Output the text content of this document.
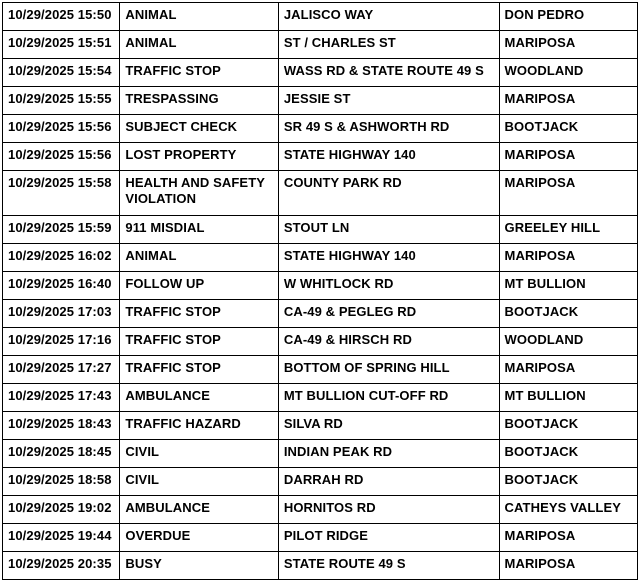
10/29/2025 15:50	ANIMAL	JALISCO WAY	DON PEDRO
10/29/2025 15:51	ANIMAL	ST / CHARLES ST	MARIPOSA
10/29/2025 15:54	TRAFFIC STOP	WASS RD & STATE ROUTE 49 S	WOODLAND
10/29/2025 15:55	TRESPASSING	JESSIE ST	MARIPOSA
10/29/2025 15:56	SUBJECT CHECK	SR 49 S & ASHWORTH RD	BOOTJACK
10/29/2025 15:56	LOST PROPERTY	STATE HIGHWAY 140	MARIPOSA
10/29/2025 15:58	HEALTH AND SAFETY VIOLATION	COUNTY PARK RD	MARIPOSA
10/29/2025 15:59	911 MISDIAL	STOUT LN	GREELEY HILL
10/29/2025 16:02	ANIMAL	STATE HIGHWAY 140	MARIPOSA
10/29/2025 16:40	FOLLOW UP	W WHITLOCK RD	MT BULLION
10/29/2025 17:03	TRAFFIC STOP	CA-49 & PEGLEG RD	BOOTJACK
10/29/2025 17:16	TRAFFIC STOP	CA-49 & HIRSCH RD	WOODLAND
10/29/2025 17:27	TRAFFIC STOP	BOTTOM OF SPRING HILL	MARIPOSA
10/29/2025 17:43	AMBULANCE	MT BULLION CUT-OFF RD	MT BULLION
10/29/2025 18:43	TRAFFIC HAZARD	SILVA RD	BOOTJACK
10/29/2025 18:45	CIVIL	INDIAN PEAK RD	BOOTJACK
10/29/2025 18:58	CIVIL	DARRAH RD	BOOTJACK
10/29/2025 19:02	AMBULANCE	HORNITOS RD	CATHEYS VALLEY
10/29/2025 19:44	OVERDUE	PILOT RIDGE	MARIPOSA
10/29/2025 20:35	BUSY	STATE ROUTE 49 S	MARIPOSA
